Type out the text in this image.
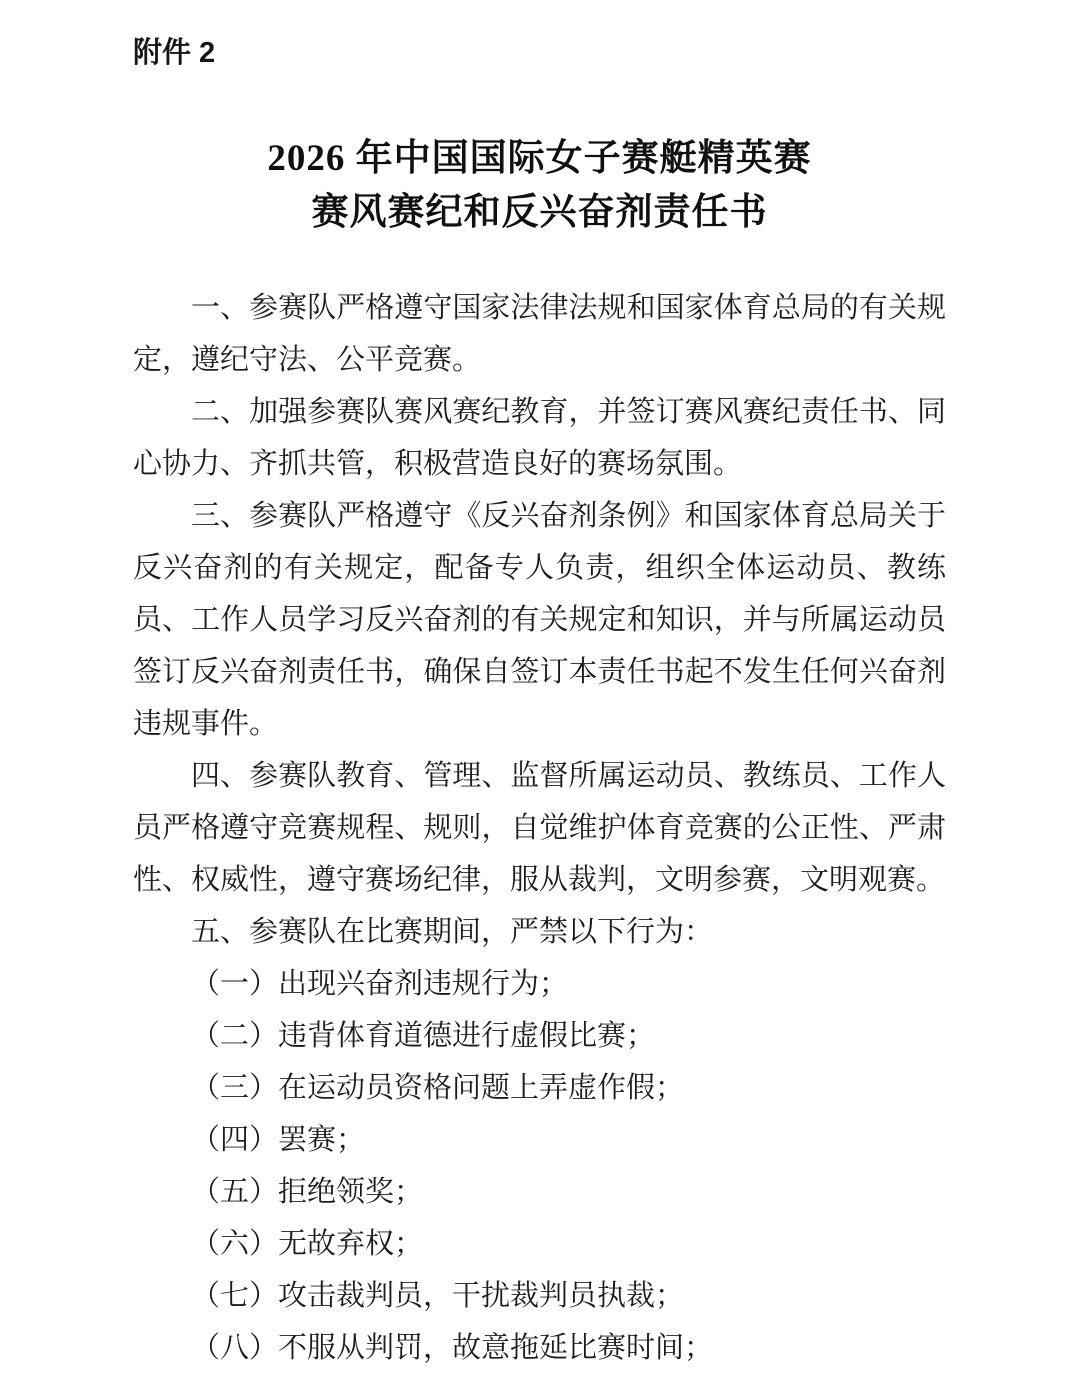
附件 2
2026 年中国国际女子赛艇精英赛
赛风赛纪和反兴奋剂责任书

一、参赛队严格遵守国家法律法规和国家体育总局的有关规定，遵纪守法、公平竞赛。

二、加强参赛队赛风赛纪教育，并签订赛风赛纪责任书、同心协力、齐抓共管，积极营造良好的赛场氛围。

三、参赛队严格遵守《反兴奋剂条例》和国家体育总局关于反兴奋剂的有关规定，配备专人负责，组织全体运动员、教练员、工作人员学习反兴奋剂的有关规定和知识，并与所属运动员签订反兴奋剂责任书，确保自签订本责任书起不发生任何兴奋剂违规事件。

四、参赛队教育、管理、监督所属运动员、教练员、工作人员严格遵守竞赛规程、规则，自觉维护体育竞赛的公正性、严肃性、权威性，遵守赛场纪律，服从裁判，文明参赛，文明观赛。

五、参赛队在比赛期间，严禁以下行为：

（一）出现兴奋剂违规行为；

（二）违背体育道德进行虚假比赛；

（三）在运动员资格问题上弄虚作假；

（四）罢赛；

（五）拒绝领奖；

（六）无故弃权；

（七）攻击裁判员，干扰裁判员执裁；

（八）不服从判罚，故意拖延比赛时间；
